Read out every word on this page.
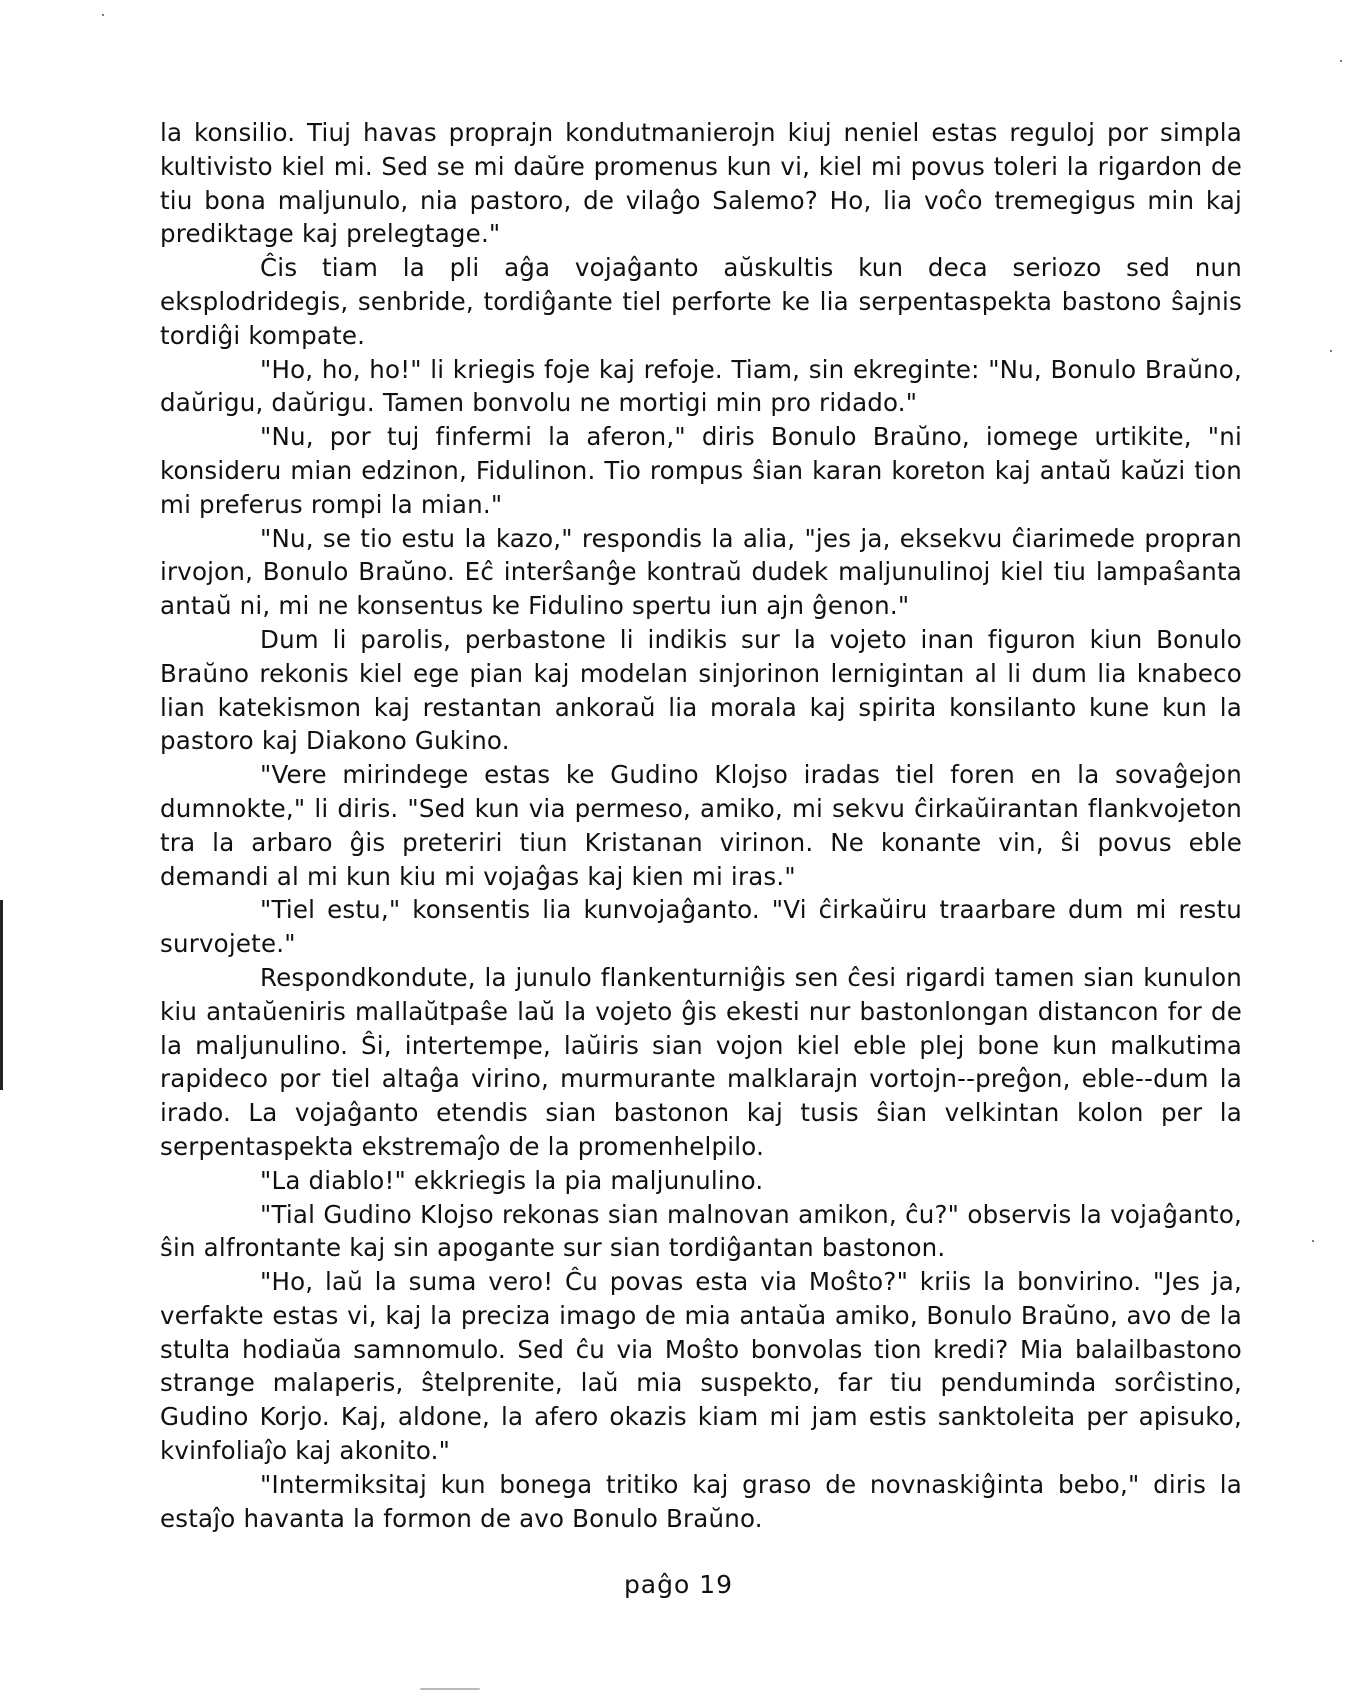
la konsilio. Tiuj havas proprajn kondutmanierojn kiuj neniel estas reguloj por simpla kultivisto kiel mi. Sed se mi daŭre promenus kun vi, kiel mi povus toleri la rigardon de tiu bona maljunulo, nia pastoro, de vilaĝo Salemo? Ho, lia voĉo tremegigus min kaj prediktage kaj prelegtage."

Ĉis tiam la pli aĝa vojaĝanto aŭskultis kun deca seriozo sed nun eksplodridegis, senbride, tordiĝante tiel perforte ke lia serpentaspekta bastono ŝajnis tordiĝi kompate.

"Ho, ho, ho!" li kriegis foje kaj refoje. Tiam, sin ekreginte: "Nu, Bonulo Braŭno, daŭrigu, daŭrigu. Tamen bonvolu ne mortigi min pro ridado."

"Nu, por tuj finfermi la aferon," diris Bonulo Braŭno, iomege urtikite, "ni konsideru mian edzinon, Fidulinon. Tio rompus ŝian karan koreton kaj antaŭ kaŭzi tion mi preferus rompi la mian."

"Nu, se tio estu la kazo," respondis la alia, "jes ja, eksekvu ĉiarimede propran irvojon, Bonulo Braŭno. Eĉ interŝanĝe kontraŭ dudek maljunulinoj kiel tiu lampaŝanta antaŭ ni, mi ne konsentus ke Fidulino spertu iun ajn ĝenon."

Dum li parolis, perbastone li indikis sur la vojeto inan figuron kiun Bonulo Braŭno rekonis kiel ege pian kaj modelan sinjorinon lernigintan al li dum lia knabeco lian katekismon kaj restantan ankoraŭ lia morala kaj spirita konsilanto kune kun la pastoro kaj Diakono Gukino.

"Vere mirindege estas ke Gudino Klojso iradas tiel foren en la sovaĝejon dumnokte," li diris. "Sed kun via permeso, amiko, mi sekvu ĉirkaŭirantan flankvojeton tra la arbaro ĝis preteriri tiun Kristanan virinon. Ne konante vin, ŝi povus eble demandi al mi kun kiu mi vojaĝas kaj kien mi iras."

"Tiel estu," konsentis lia kunvojaĝanto. "Vi ĉirkaŭiru traarbare dum mi restu survojete."

Respondkondute, la junulo flankenturniĝis sen ĉesi rigardi tamen sian kunulon kiu antaŭeniris mallaŭtpaŝe laŭ la vojeto ĝis ekesti nur bastonlongan distancon for de la maljunulino. Ŝi, intertempe, laŭiris sian vojon kiel eble plej bone kun malkutima rapideco por tiel altaĝa virino, murmurante malklarajn vortojn--preĝon, eble--dum la irado. La vojaĝanto etendis sian bastonon kaj tusis ŝian velkintan kolon per la serpentaspekta ekstremaĵo de la promenhelpilo.

"La diablo!" ekkriegis la pia maljunulino.

"Tial Gudino Klojso rekonas sian malnovan amikon, ĉu?" observis la vojaĝanto, ŝin alfrontante kaj sin apogante sur sian tordiĝantan bastonon.

"Ho, laŭ la suma vero! Ĉu povas esta via Moŝto?" kriis la bonvirino. "Jes ja, verfakte estas vi, kaj la preciza imago de mia antaŭa amiko, Bonulo Braŭno, avo de la stulta hodiaŭa samnomulo. Sed ĉu via Moŝto bonvolas tion kredi? Mia balailbastono strange malaperis, ŝtelprenite, laŭ mia suspekto, far tiu penduminda sorĉistino, Gudino Korjo. Kaj, aldone, la afero okazis kiam mi jam estis sanktoleita per apisuko, kvinfoliaĵo kaj akonito."

"Intermiksitaj kun bonega tritiko kaj graso de novnaskiĝinta bebo," diris la estaĵo havanta la formon de avo Bonulo Braŭno.

paĝo 19
